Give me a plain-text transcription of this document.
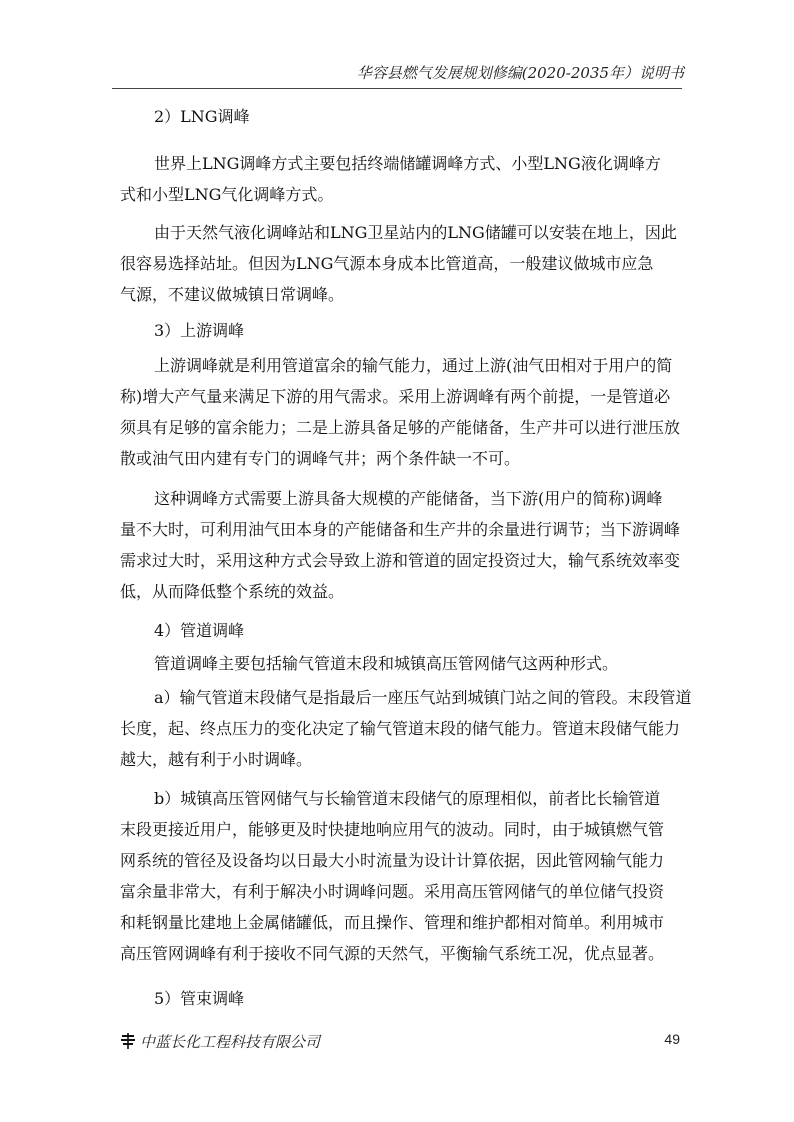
华容县燃气发展规划修编(2020-2035年）说明书
2）LNG调峰
世界上LNG调峰方式主要包括终端储罐调峰方式、小型LNG液化调峰方
式和小型LNG气化调峰方式。
由于天然气液化调峰站和LNG卫星站内的LNG储罐可以安装在地上，因此
很容易选择站址。但因为LNG气源本身成本比管道高，一般建议做城市应急
气源，不建议做城镇日常调峰。
3）上游调峰
上游调峰就是利用管道富余的输气能力，通过上游(油气田相对于用户的简
称)增大产气量来满足下游的用气需求。采用上游调峰有两个前提，一是管道必
须具有足够的富余能力；二是上游具备足够的产能储备，生产井可以进行泄压放
散或油气田内建有专门的调峰气井；两个条件缺一不可。
这种调峰方式需要上游具备大规模的产能储备，当下游(用户的简称)调峰
量不大时，可利用油气田本身的产能储备和生产井的余量进行调节；当下游调峰
需求过大时，采用这种方式会导致上游和管道的固定投资过大，输气系统效率变
低，从而降低整个系统的效益。
4）管道调峰
管道调峰主要包括输气管道末段和城镇高压管网储气这两种形式。
a）输气管道末段储气是指最后一座压气站到城镇门站之间的管段。末段管道
长度，起、终点压力的变化决定了输气管道末段的储气能力。管道末段储气能力
越大，越有利于小时调峰。
b）城镇高压管网储气与长输管道末段储气的原理相似，前者比长输管道
末段更接近用户，能够更及时快捷地响应用气的波动。同时，由于城镇燃气管
网系统的管径及设备均以日最大小时流量为设计计算依据，因此管网输气能力
富余量非常大，有利于解决小时调峰问题。采用高压管网储气的单位储气投资
和耗钢量比建地上金属储罐低，而且操作、管理和维护都相对简单。利用城市
高压管网调峰有利于接收不同气源的天然气，平衡输气系统工况，优点显著。
5）管束调峰
中蓝长化工程科技有限公司	49
